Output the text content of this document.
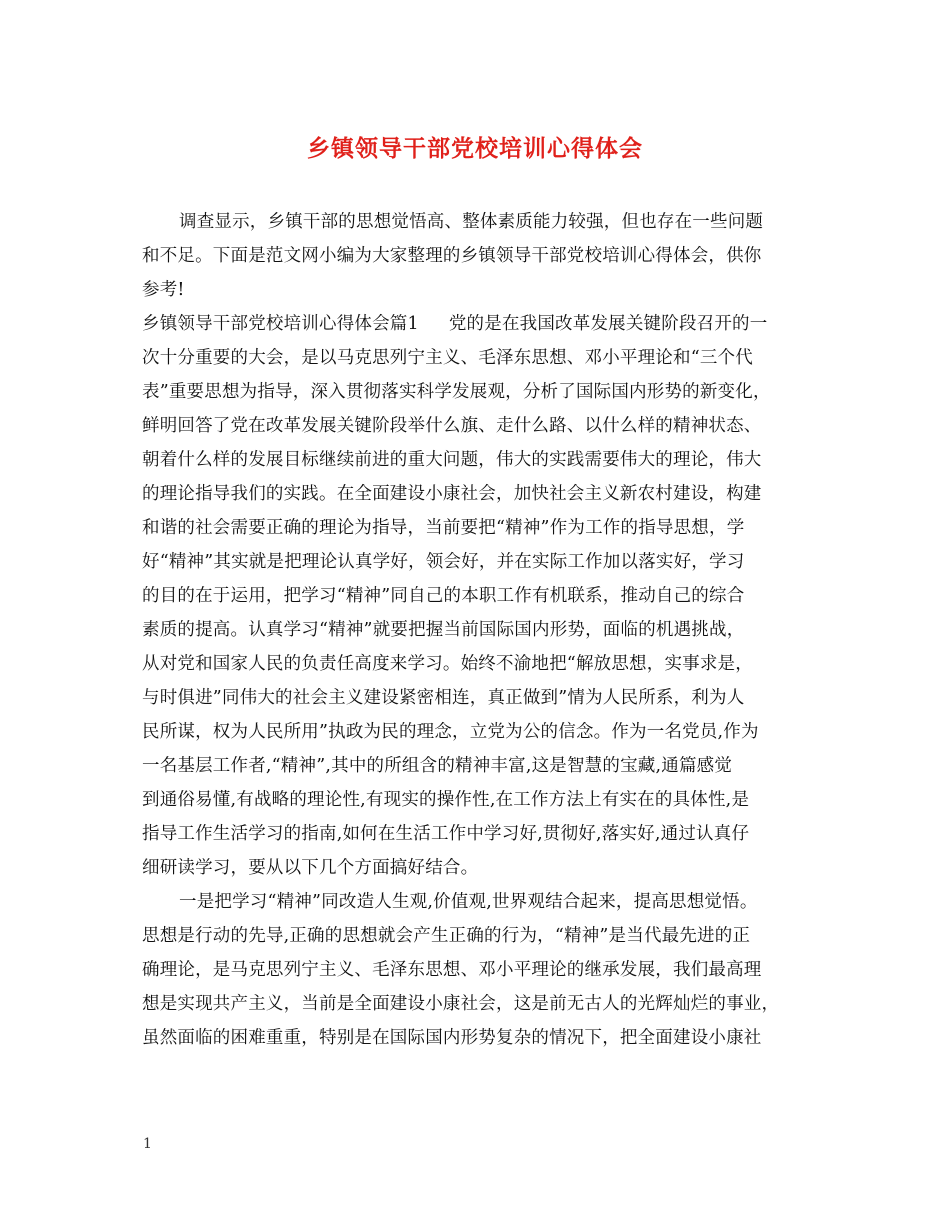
乡镇领导干部党校培训心得体会
调查显示，乡镇干部的思想觉悟高、整体素质能力较强，但也存在一些问题
和不足。下面是范文网小编为大家整理的乡镇领导干部党校培训心得体会，供你
参考!
乡镇领导干部党校培训心得体会篇1 党的是在我国改革发展关键阶段召开的一
次十分重要的大会，是以马克思列宁主义、毛泽东思想、邓小平理论和“三个代
表”重要思想为指导，深入贯彻落实科学发展观，分析了国际国内形势的新变化，
鲜明回答了党在改革发展关键阶段举什么旗、走什么路、以什么样的精神状态、
朝着什么样的发展目标继续前进的重大问题，伟大的实践需要伟大的理论，伟大
的理论指导我们的实践。在全面建设小康社会，加快社会主义新农村建设，构建
和谐的社会需要正确的理论为指导，当前要把“精神”作为工作的指导思想，学
好“精神”其实就是把理论认真学好，领会好，并在实际工作加以落实好，学习
的目的在于运用，把学习“精神”同自己的本职工作有机联系，推动自己的综合
素质的提高。认真学习“精神”就要把握当前国际国内形势，面临的机遇挑战，
从对党和国家人民的负责任高度来学习。始终不渝地把“解放思想，实事求是，
与时俱进”同伟大的社会主义建设紧密相连，真正做到”情为人民所系，利为人
民所谋，权为人民所用”执政为民的理念，立党为公的信念。作为一名党员,作为
一名基层工作者,“精神”,其中的所组含的精神丰富,这是智慧的宝藏,通篇感觉
到通俗易懂,有战略的理论性,有现实的操作性,在工作方法上有实在的具体性,是
指导工作生活学习的指南,如何在生活工作中学习好,贯彻好,落实好,通过认真仔
细研读学习，要从以下几个方面搞好结合。
一是把学习“精神”同改造人生观,价值观,世界观结合起来，提高思想觉悟。
思想是行动的先导,正确的思想就会产生正确的行为，“精神”是当代最先进的正
确理论，是马克思列宁主义、毛泽东思想、邓小平理论的继承发展，我们最高理
想是实现共产主义，当前是全面建设小康社会，这是前无古人的光辉灿烂的事业，
虽然面临的困难重重，特别是在国际国内形势复杂的情况下，把全面建设小康社
1
